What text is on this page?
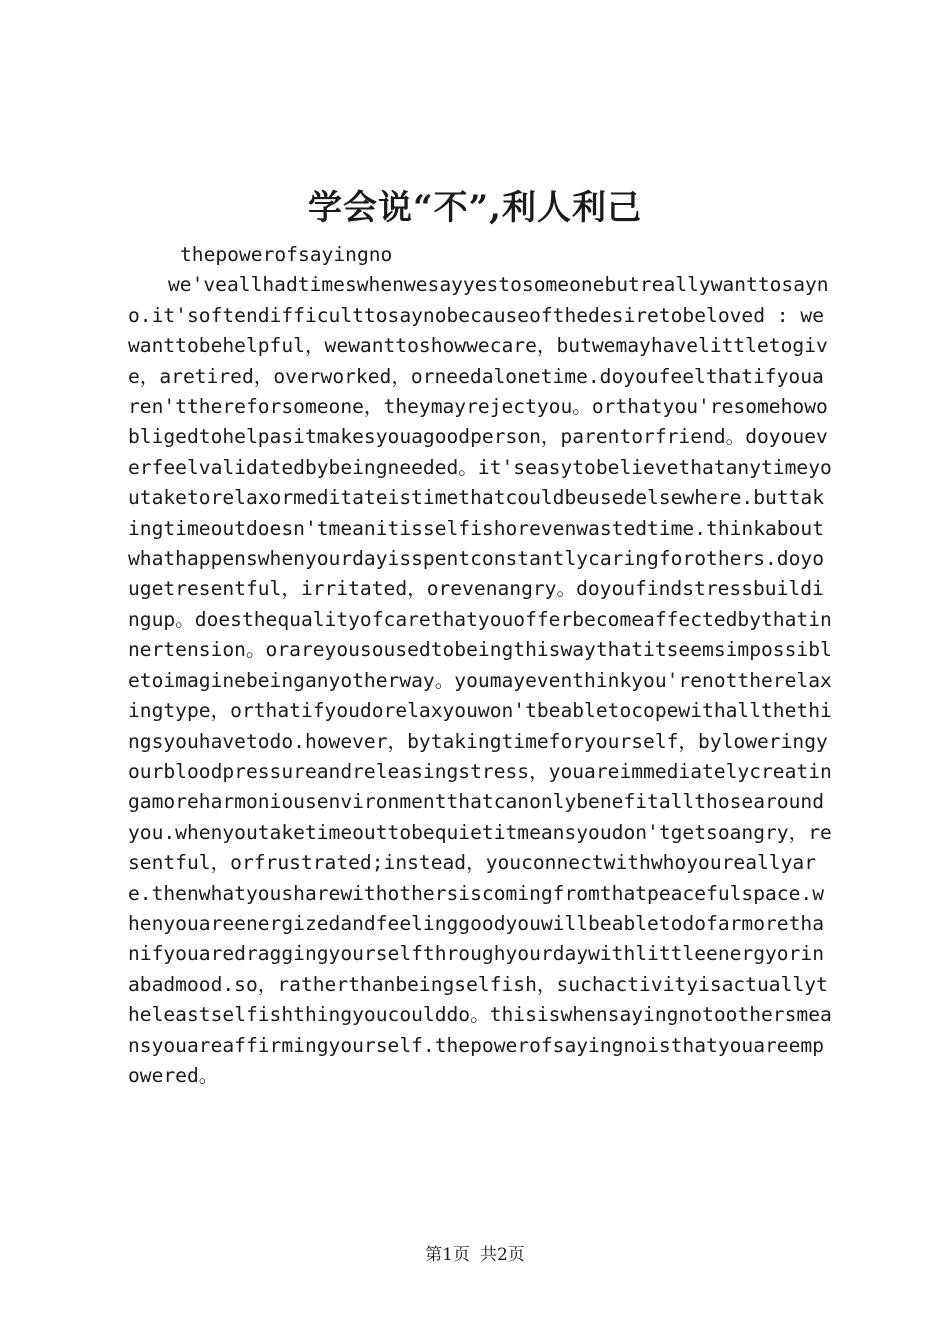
学会说“不”,利人利己

thepowerofsayingno

we'veallhadtimeswhenwesayyestosomeonebutreallywanttosayno.it'softendifficulttosaynobecauseofthedesiretobeloved : wewanttobehelpful，wewanttoshowwecare，butwemayhavelittletogive，aretired，overworked，orneedalonetime.doyoufeelthatifyouaren'tthereforsomeone，theymayrejectyou。orthatyou'resomehowobligedtohelpasitmakesyouagoodperson，parentorfriend。doyoueverfeelvalidatedbybeingneeded。it'seasytobelievethatanytimeyoutaketorelaxormeditateistimethatcouldbeusedelsewhere.buttakingtimeoutdoesn'tmeanitisselfishorevenwastedtime.thinkaboutwhathappenswhenyourdayisspentconstantlycaringforothers.doyougetresentful，irritated，orevenangry。doyoufindstressbuildingup。doesthequalityofcarethatyouofferbecomeaffectedbythatinnertension。orareyousousedtobeingthiswaythatitseemsimpossibletoimaginebeinganyotherway。youmayeventhinkyou'renottherelaxingtype，orthatifyoudorelaxyouwon'tbeabletocopewithallthethingsyouhavetodo.however，bytakingtimeforyourself，byloweringyourbloodpressureandreleasingstress，youareimmediatelycreatingamoreharmoniousenvironmentthatcanonlybenefitallthosearoundyou.whenyoutaketimeouttobequietitmeansyoudon'tgetsoangry，resentful，orfrustrated;instead，youconnectwithwhoyoureallyare.thenwhatyousharewithothersiscomingfromthatpeacefulspace.whenyouareenergizedandfeelinggoodyouwillbeabletodofarmorethanifyouaredraggingyourselfthroughyourdaywithlittleenergyorinabadmood.so，ratherthanbeingselfish，suchactivityisactuallytheleastselfishthingyoucoulddo。thisiswhensayingnotoothersmeansyouareaffirmingyourself.thepowerofsayingnoisthatyouareempowered。

第1页 共2页
